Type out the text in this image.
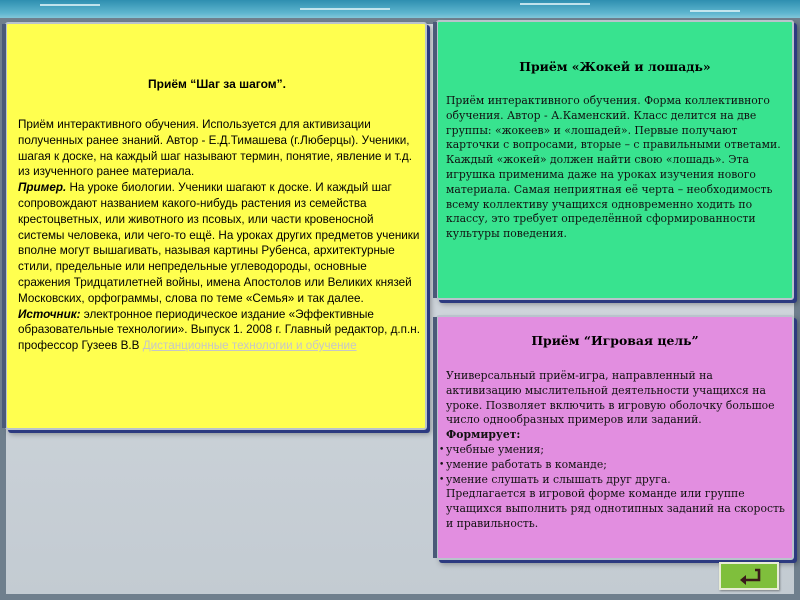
Приём “Шаг за шагом”.

Приём интерактивного обучения. Используется для активизации полученных ранее знаний. Автор - Е.Д.Тимашева (г.Люберцы). Ученики, шагая к доске, на каждый шаг называют термин, понятие, явление и т.д. из изученного ранее материала.

Пример. На уроке биологии. Ученики шагают к доске. И каждый шаг сопровождают названием какого-нибудь растения из семейства крестоцветных, или животного из псовых, или части кровеносной системы человека, или чего-то ещё. На уроках других предметов ученики вполне могут вышагивать, называя картины Рубенса, архитектурные стили, предельные или непредельные углеводороды, основные сражения Тридцатилетней войны, имена Апостолов или Великих князей Московских, орфограммы, слова по теме «Семья» и так далее.

Источник: электронное периодическое издание «Эффективные образовательные технологии». Выпуск 1. 2008 г. Главный редактор, д.п.н. профессор Гузеев В.В Дистанционные технологии и обучение

Приём «Жокей и лошадь»

Приём интерактивного обучения. Форма коллективного обучения. Автор - А.Каменский. Класс делится на две группы: «жокеев» и «лошадей». Первые получают карточки с вопросами, вторые – с правильными ответами. Каждый «жокей» должен найти свою «лошадь». Эта игрушка применима даже на уроках изучения нового материала. Самая неприятная её черта – необходимость всему коллективу учащихся одновременно ходить по классу, это требует определённой сформированности культуры поведения.

Приём “Игровая цель”

Универсальный приём-игра, направленный на активизацию мыслительной деятельности учащихся на уроке. Позволяет включить в игровую оболочку большое число однообразных примеров или заданий.

Формирует:

• учебные умения;
• умение работать в команде;
• умение слушать и слышать друг друга.

Предлагается в игровой форме команде или группе учащихся выполнить ряд однотипных заданий на скорость и правильность.
